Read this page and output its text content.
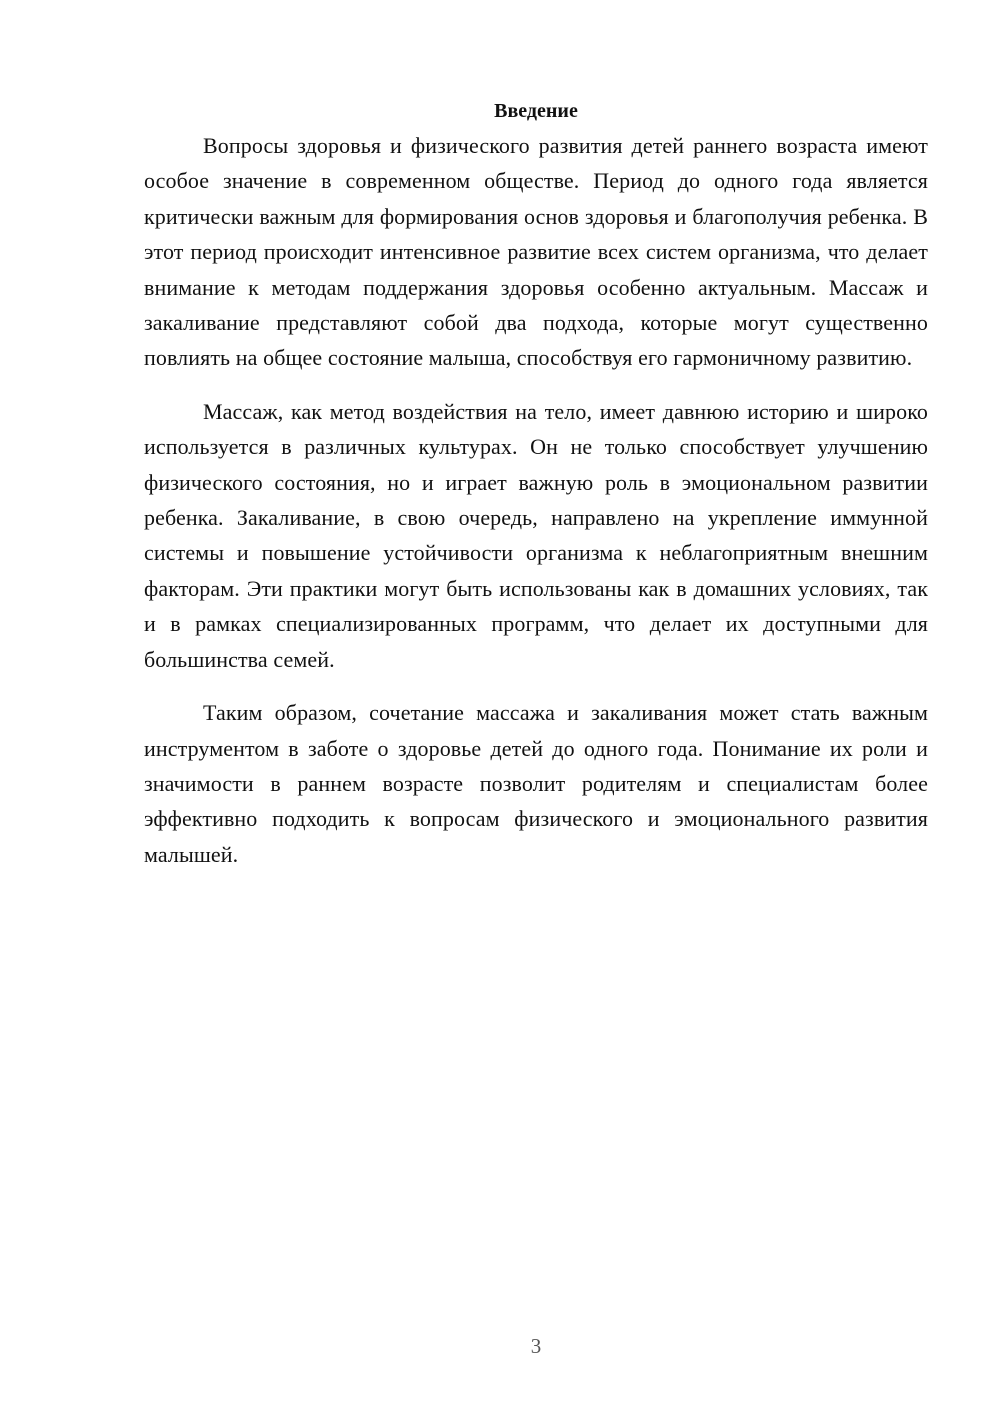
Введение

Вопросы здоровья и физического развития детей раннего возраста имеют особое значение в современном обществе. Период до одного года является критически важным для формирования основ здоровья и благополучия ребенка. В этот период происходит интенсивное развитие всех систем организма, что делает внимание к методам поддержания здоровья особенно актуальным. Массаж и закаливание представляют собой два подхода, которые могут существенно повлиять на общее состояние малыша, способствуя его гармоничному развитию.

Массаж, как метод воздействия на тело, имеет давнюю историю и широко используется в различных культурах. Он не только способствует улучшению физического состояния, но и играет важную роль в эмоциональном развитии ребенка. Закаливание, в свою очередь, направлено на укрепление иммунной системы и повышение устойчивости организма к неблагоприятным внешним факторам. Эти практики могут быть использованы как в домашних условиях, так и в рамках специализированных программ, что делает их доступными для большинства семей.

Таким образом, сочетание массажа и закаливания может стать важным инструментом в заботе о здоровье детей до одного года. Понимание их роли и значимости в раннем возрасте позволит родителям и специалистам более эффективно подходить к вопросам физического и эмоционального развития малышей.

3
